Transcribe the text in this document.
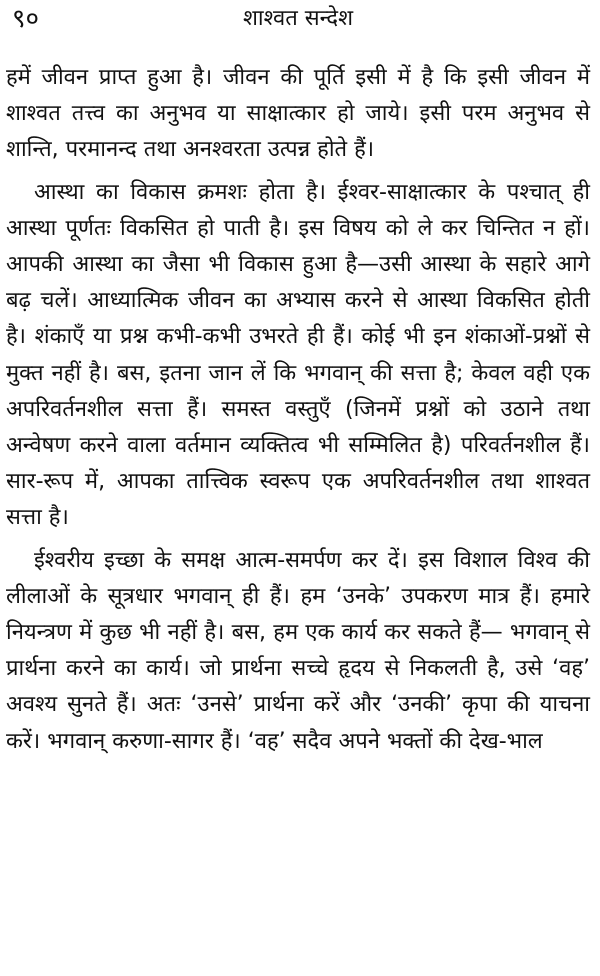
९०	शाश्वत सन्देश

हमें जीवन प्राप्त हुआ है। जीवन की पूर्ति इसी में है कि इसी जीवन में शाश्वत तत्त्व का अनुभव या साक्षात्कार हो जाये। इसी परम अनुभव से शान्ति, परमानन्द तथा अनश्वरता उत्पन्न होते हैं।

आस्था का विकास क्रमशः होता है। ईश्वर-साक्षात्कार के पश्चात् ही आस्था पूर्णतः विकसित हो पाती है। इस विषय को ले कर चिन्तित न हों। आपकी आस्था का जैसा भी विकास हुआ है—उसी आस्था के सहारे आगे बढ़ चलें। आध्यात्मिक जीवन का अभ्यास करने से आस्था विकसित होती है। शंकाएँ या प्रश्न कभी-कभी उभरते ही हैं। कोई भी इन शंकाओं-प्रश्नों से मुक्त नहीं है। बस, इतना जान लें कि भगवान् की सत्ता है; केवल वही एक अपरिवर्तनशील सत्ता हैं। समस्त वस्तुएँ (जिनमें प्रश्नों को उठाने तथा अन्वेषण करने वाला वर्तमान व्यक्तित्व भी सम्मिलित है) परिवर्तनशील हैं। सार-रूप में, आपका तात्त्विक स्वरूप एक अपरिवर्तनशील तथा शाश्वत सत्ता है।

ईश्वरीय इच्छा के समक्ष आत्म-समर्पण कर दें। इस विशाल विश्व की लीलाओं के सूत्रधार भगवान् ही हैं। हम ‘उनके’ उपकरण मात्र हैं। हमारे नियन्त्रण में कुछ भी नहीं है। बस, हम एक कार्य कर सकते हैं— भगवान् से प्रार्थना करने का कार्य। जो प्रार्थना सच्चे हृदय से निकलती है, उसे ‘वह’ अवश्य सुनते हैं। अतः ‘उनसे’ प्रार्थना करें और ‘उनकी’ कृपा की याचना करें। भगवान् करुणा-सागर हैं। ‘वह’ सदैव अपने भक्तों की देख-भाल
